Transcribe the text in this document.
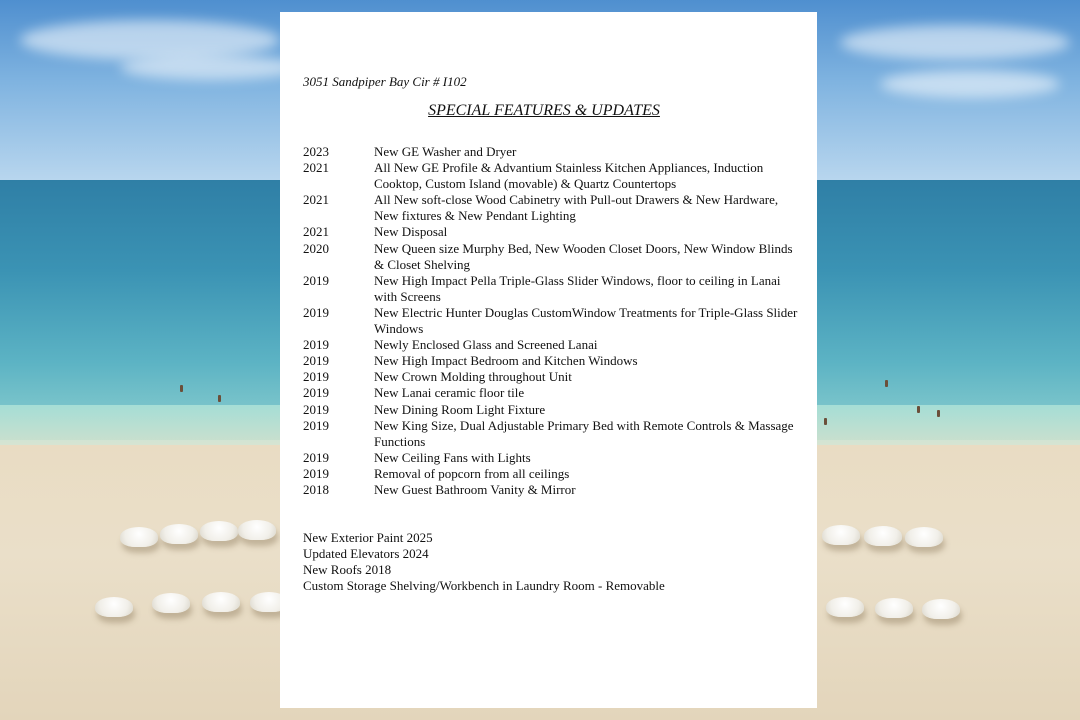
3051 Sandpiper Bay Cir # I102
SPECIAL FEATURES & UPDATES
2023	New GE Washer and Dryer
2021	All New GE Profile & Advantium Stainless Kitchen Appliances, Induction Cooktop, Custom Island (movable) & Quartz Countertops
2021	All New soft-close Wood Cabinetry with Pull-out Drawers & New Hardware, New fixtures & New Pendant Lighting
2021	New Disposal
2020	New Queen size Murphy Bed, New Wooden Closet Doors, New Window Blinds & Closet Shelving
2019	New High Impact Pella Triple-Glass Slider Windows, floor to ceiling in Lanai with Screens
2019	New Electric Hunter Douglas CustomWindow Treatments for Triple-Glass Slider Windows
2019	Newly Enclosed Glass and Screened Lanai
2019	New High Impact Bedroom and Kitchen Windows
2019	New Crown Molding throughout Unit
2019	New Lanai ceramic floor tile
2019	New Dining Room Light Fixture
2019	New King Size, Dual Adjustable Primary Bed with Remote Controls & Massage Functions
2019	New Ceiling Fans with Lights
2019	Removal of popcorn from all ceilings
2018	New Guest Bathroom Vanity & Mirror
New Exterior Paint 2025
Updated Elevators 2024
New Roofs 2018
Custom Storage Shelving/Workbench in Laundry Room - Removable
